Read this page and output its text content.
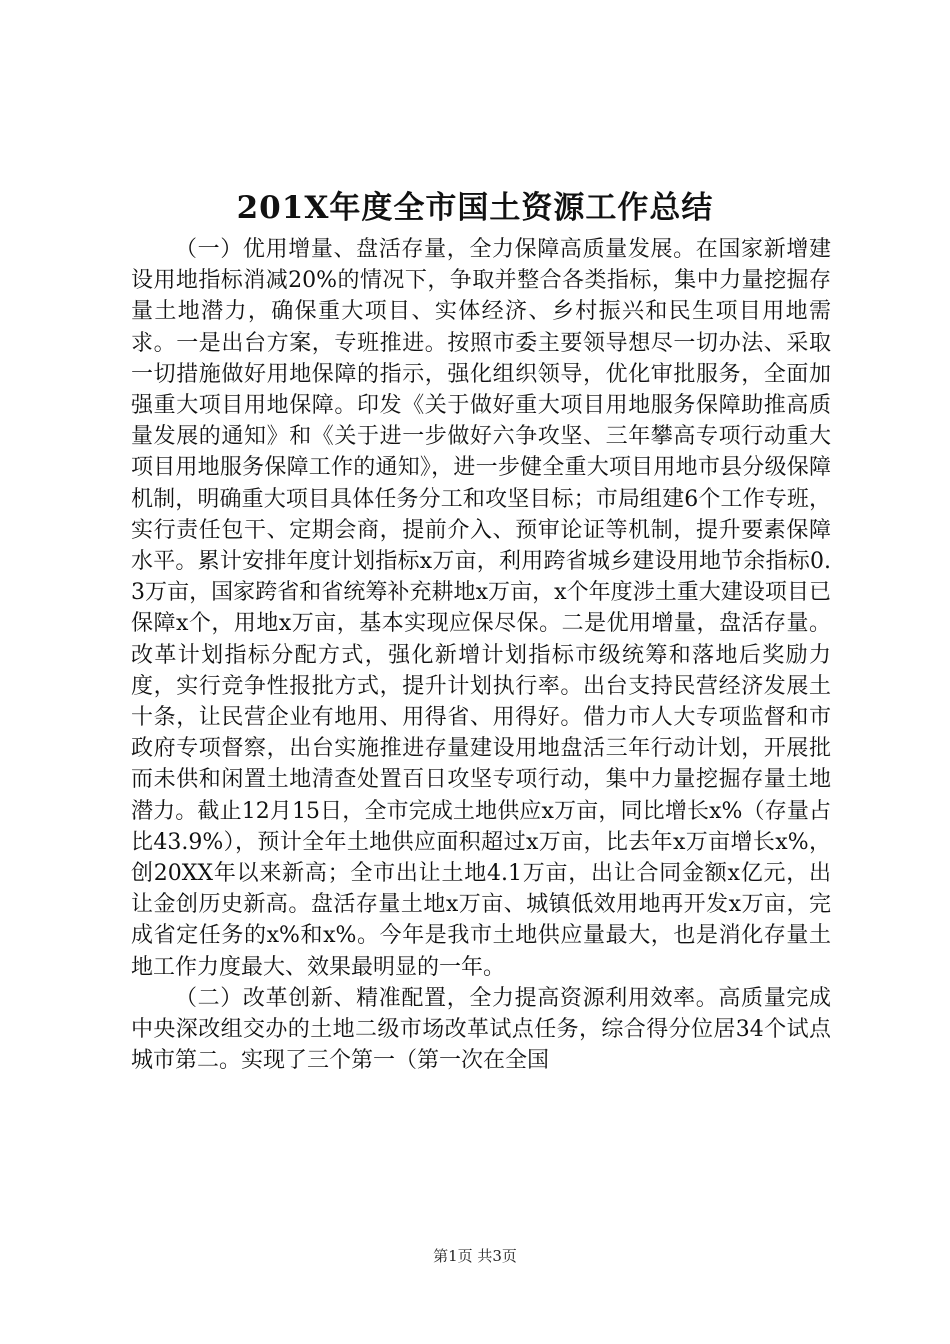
201X年度全市国土资源工作总结

（一）优用增量、盘活存量，全力保障高质量发展。在国家新增建设用地指标消减20%的情况下，争取并整合各类指标，集中力量挖掘存量土地潜力，确保重大项目、实体经济、乡村振兴和民生项目用地需求。一是出台方案，专班推进。按照市委主要领导想尽一切办法、采取一切措施做好用地保障的指示，强化组织领导，优化审批服务，全面加强重大项目用地保障。印发《关于做好重大项目用地服务保障助推高质量发展的通知》和《关于进一步做好六争攻坚、三年攀高专项行动重大项目用地服务保障工作的通知》，进一步健全重大项目用地市县分级保障机制，明确重大项目具体任务分工和攻坚目标；市局组建6个工作专班，实行责任包干、定期会商，提前介入、预审论证等机制，提升要素保障水平。累计安排年度计划指标x万亩，利用跨省城乡建设用地节余指标0.3万亩，国家跨省和省统筹补充耕地x万亩，x个年度涉土重大建设项目已保障x个，用地x万亩，基本实现应保尽保。二是优用增量，盘活存量。改革计划指标分配方式，强化新增计划指标市级统筹和落地后奖励力度，实行竞争性报批方式，提升计划执行率。出台支持民营经济发展土十条，让民营企业有地用、用得省、用得好。借力市人大专项监督和市政府专项督察，出台实施推进存量建设用地盘活三年行动计划，开展批而未供和闲置土地清查处置百日攻坚专项行动，集中力量挖掘存量土地潜力。截止12月15日，全市完成土地供应x万亩，同比增长x%（存量占比43.9%），预计全年土地供应面积超过x万亩，比去年x万亩增长x%，创20XX年以来新高；全市出让土地4.1万亩，出让合同金额x亿元，出让金创历史新高。盘活存量土地x万亩、城镇低效用地再开发x万亩，完成省定任务的x%和x%。今年是我市土地供应量最大，也是消化存量土地工作力度最大、效果最明显的一年。

（二）改革创新、精准配置，全力提高资源利用效率。高质量完成中央深改组交办的土地二级市场改革试点任务，综合得分位居34个试点城市第二。实现了三个第一（第一次在全国

第1页 共3页
